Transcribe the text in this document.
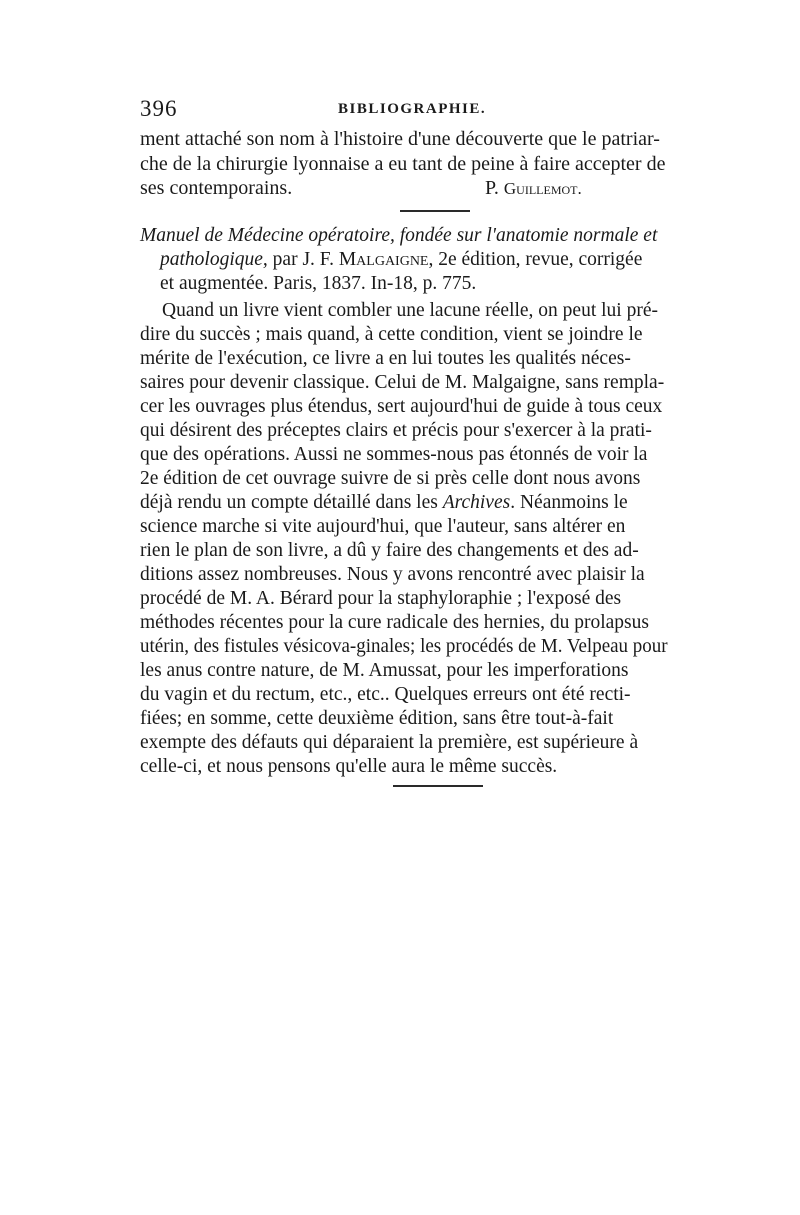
396	BIBLIOGRAPHIE.
ment attaché son nom à l'histoire d'une découverte que le patriar-
che de la chirurgie lyonnaise a eu tant de peine à faire accepter de
ses contemporains.	P. Guillemot.
Manuel de Médecine opératoire, fondée sur l'anatomie normale et
pathologique, par J. F. Malgaigne, 2e édition, revue, corrigée
et augmentée. Paris, 1837. In-18, p. 775.
Quand un livre vient combler une lacune réelle, on peut lui pré-
dire du succès ; mais quand, à cette condition, vient se joindre le
mérite de l'exécution, ce livre a en lui toutes les qualités néces-
saires pour devenir classique. Celui de M. Malgaigne, sans rempla-
cer les ouvrages plus étendus, sert aujourd'hui de guide à tous ceux
qui désirent des préceptes clairs et précis pour s'exercer à la prati-
que des opérations. Aussi ne sommes-nous pas étonnés de voir la
2e édition de cet ouvrage suivre de si près celle dont nous avons
déjà rendu un compte détaillé dans les Archives. Néanmoins le
science marche si vite aujourd'hui, que l'auteur, sans altérer en
rien le plan de son livre, a dû y faire des changements et des ad-
ditions assez nombreuses. Nous y avons rencontré avec plaisir la
procédé de M. A. Bérard pour la staphyloraphie ; l'exposé des
méthodes récentes pour la cure radicale des hernies, du prolapsus
utérin, des fistules vésicova-ginales; les procédés de M. Velpeau pour
les anus contre nature, de M. Amussat, pour les imperforations
du vagin et du rectum, etc., etc.. Quelques erreurs ont été recti-
fiées; en somme, cette deuxième édition, sans être tout-à-fait
exempte des défauts qui déparaient la première, est supérieure à
celle-ci, et nous pensons qu'elle aura le même succès.
